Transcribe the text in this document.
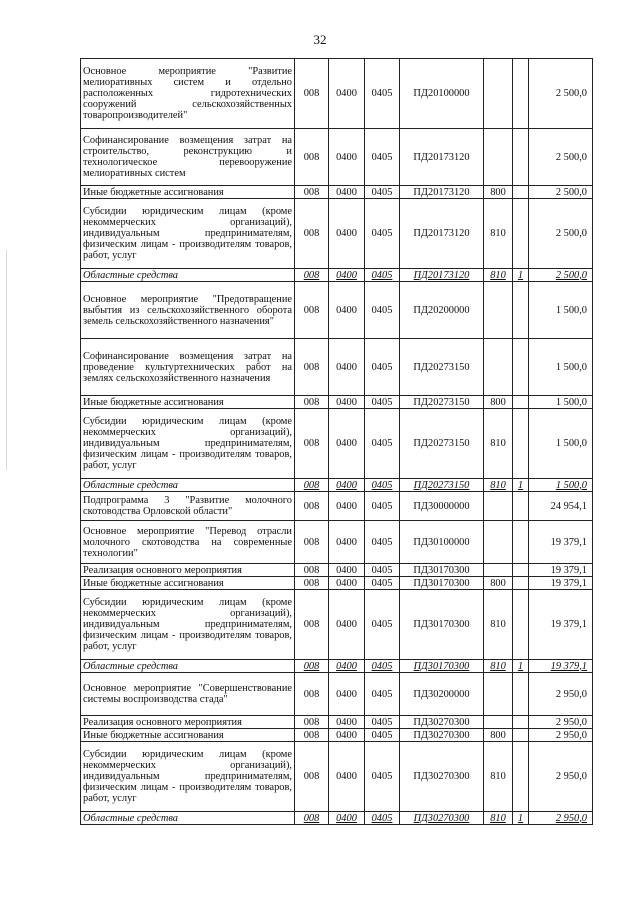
32
Основное мероприятие "Развитие мелиоративных систем и отдельно расположенных гидротехнических сооружений сельскохозяйственных товаропроизводителей"	008	0400	0405	ПД20100000			2 500,0
Софинансирование возмещения затрат на строительство, реконструкцию и технологическое перевооружение мелиоративных систем	008	0400	0405	ПД20173120			2 500,0
Иные бюджетные ассигнования	008	0400	0405	ПД20173120	800		2 500,0
Субсидии юридическим лицам (кроме некоммерческих организаций), индивидуальным предпринимателям, физическим лицам - производителям товаров, работ, услуг	008	0400	0405	ПД20173120	810		2 500,0
Областные средства	008	0400	0405	ПД20173120	810	1	2 500,0
Основное мероприятие "Предотвращение выбытия из сельскохозяйственного оборота земель сельскохозяйственного назначения"	008	0400	0405	ПД20200000			1 500,0
Софинансирование возмещения затрат на проведение культуртехнических работ на землях сельскохозяйственного назначения	008	0400	0405	ПД20273150			1 500,0
Иные бюджетные ассигнования	008	0400	0405	ПД20273150	800		1 500,0
Субсидии юридическим лицам (кроме некоммерческих организаций), индивидуальным предпринимателям, физическим лицам - производителям товаров, работ, услуг	008	0400	0405	ПД20273150	810		1 500,0
Областные средства	008	0400	0405	ПД20273150	810	1	1 500,0
Подпрограмма 3 "Развитие молочного скотоводства Орловской области"	008	0400	0405	ПД30000000			24 954,1
Основное мероприятие "Перевод отрасли молочного скотоводства на современные технологии"	008	0400	0405	ПД30100000			19 379,1
Реализация основного мероприятия	008	0400	0405	ПД30170300			19 379,1
Иные бюджетные ассигнования	008	0400	0405	ПД30170300	800		19 379,1
Субсидии юридическим лицам (кроме некоммерческих организаций), индивидуальным предпринимателям, физическим лицам - производителям товаров, работ, услуг	008	0400	0405	ПД30170300	810		19 379,1
Областные средства	008	0400	0405	ПД30170300	810	1	19 379,1
Основное мероприятие "Совершенствование системы воспроизводства стада"	008	0400	0405	ПД30200000			2 950,0
Реализация основного мероприятия	008	0400	0405	ПД30270300			2 950,0
Иные бюджетные ассигнования	008	0400	0405	ПД30270300	800		2 950,0
Субсидии юридическим лицам (кроме некоммерческих организаций), индивидуальным предпринимателям, физическим лицам - производителям товаров, работ, услуг	008	0400	0405	ПД30270300	810		2 950,0
Областные средства	008	0400	0405	ПД30270300	810	1	2 950,0
